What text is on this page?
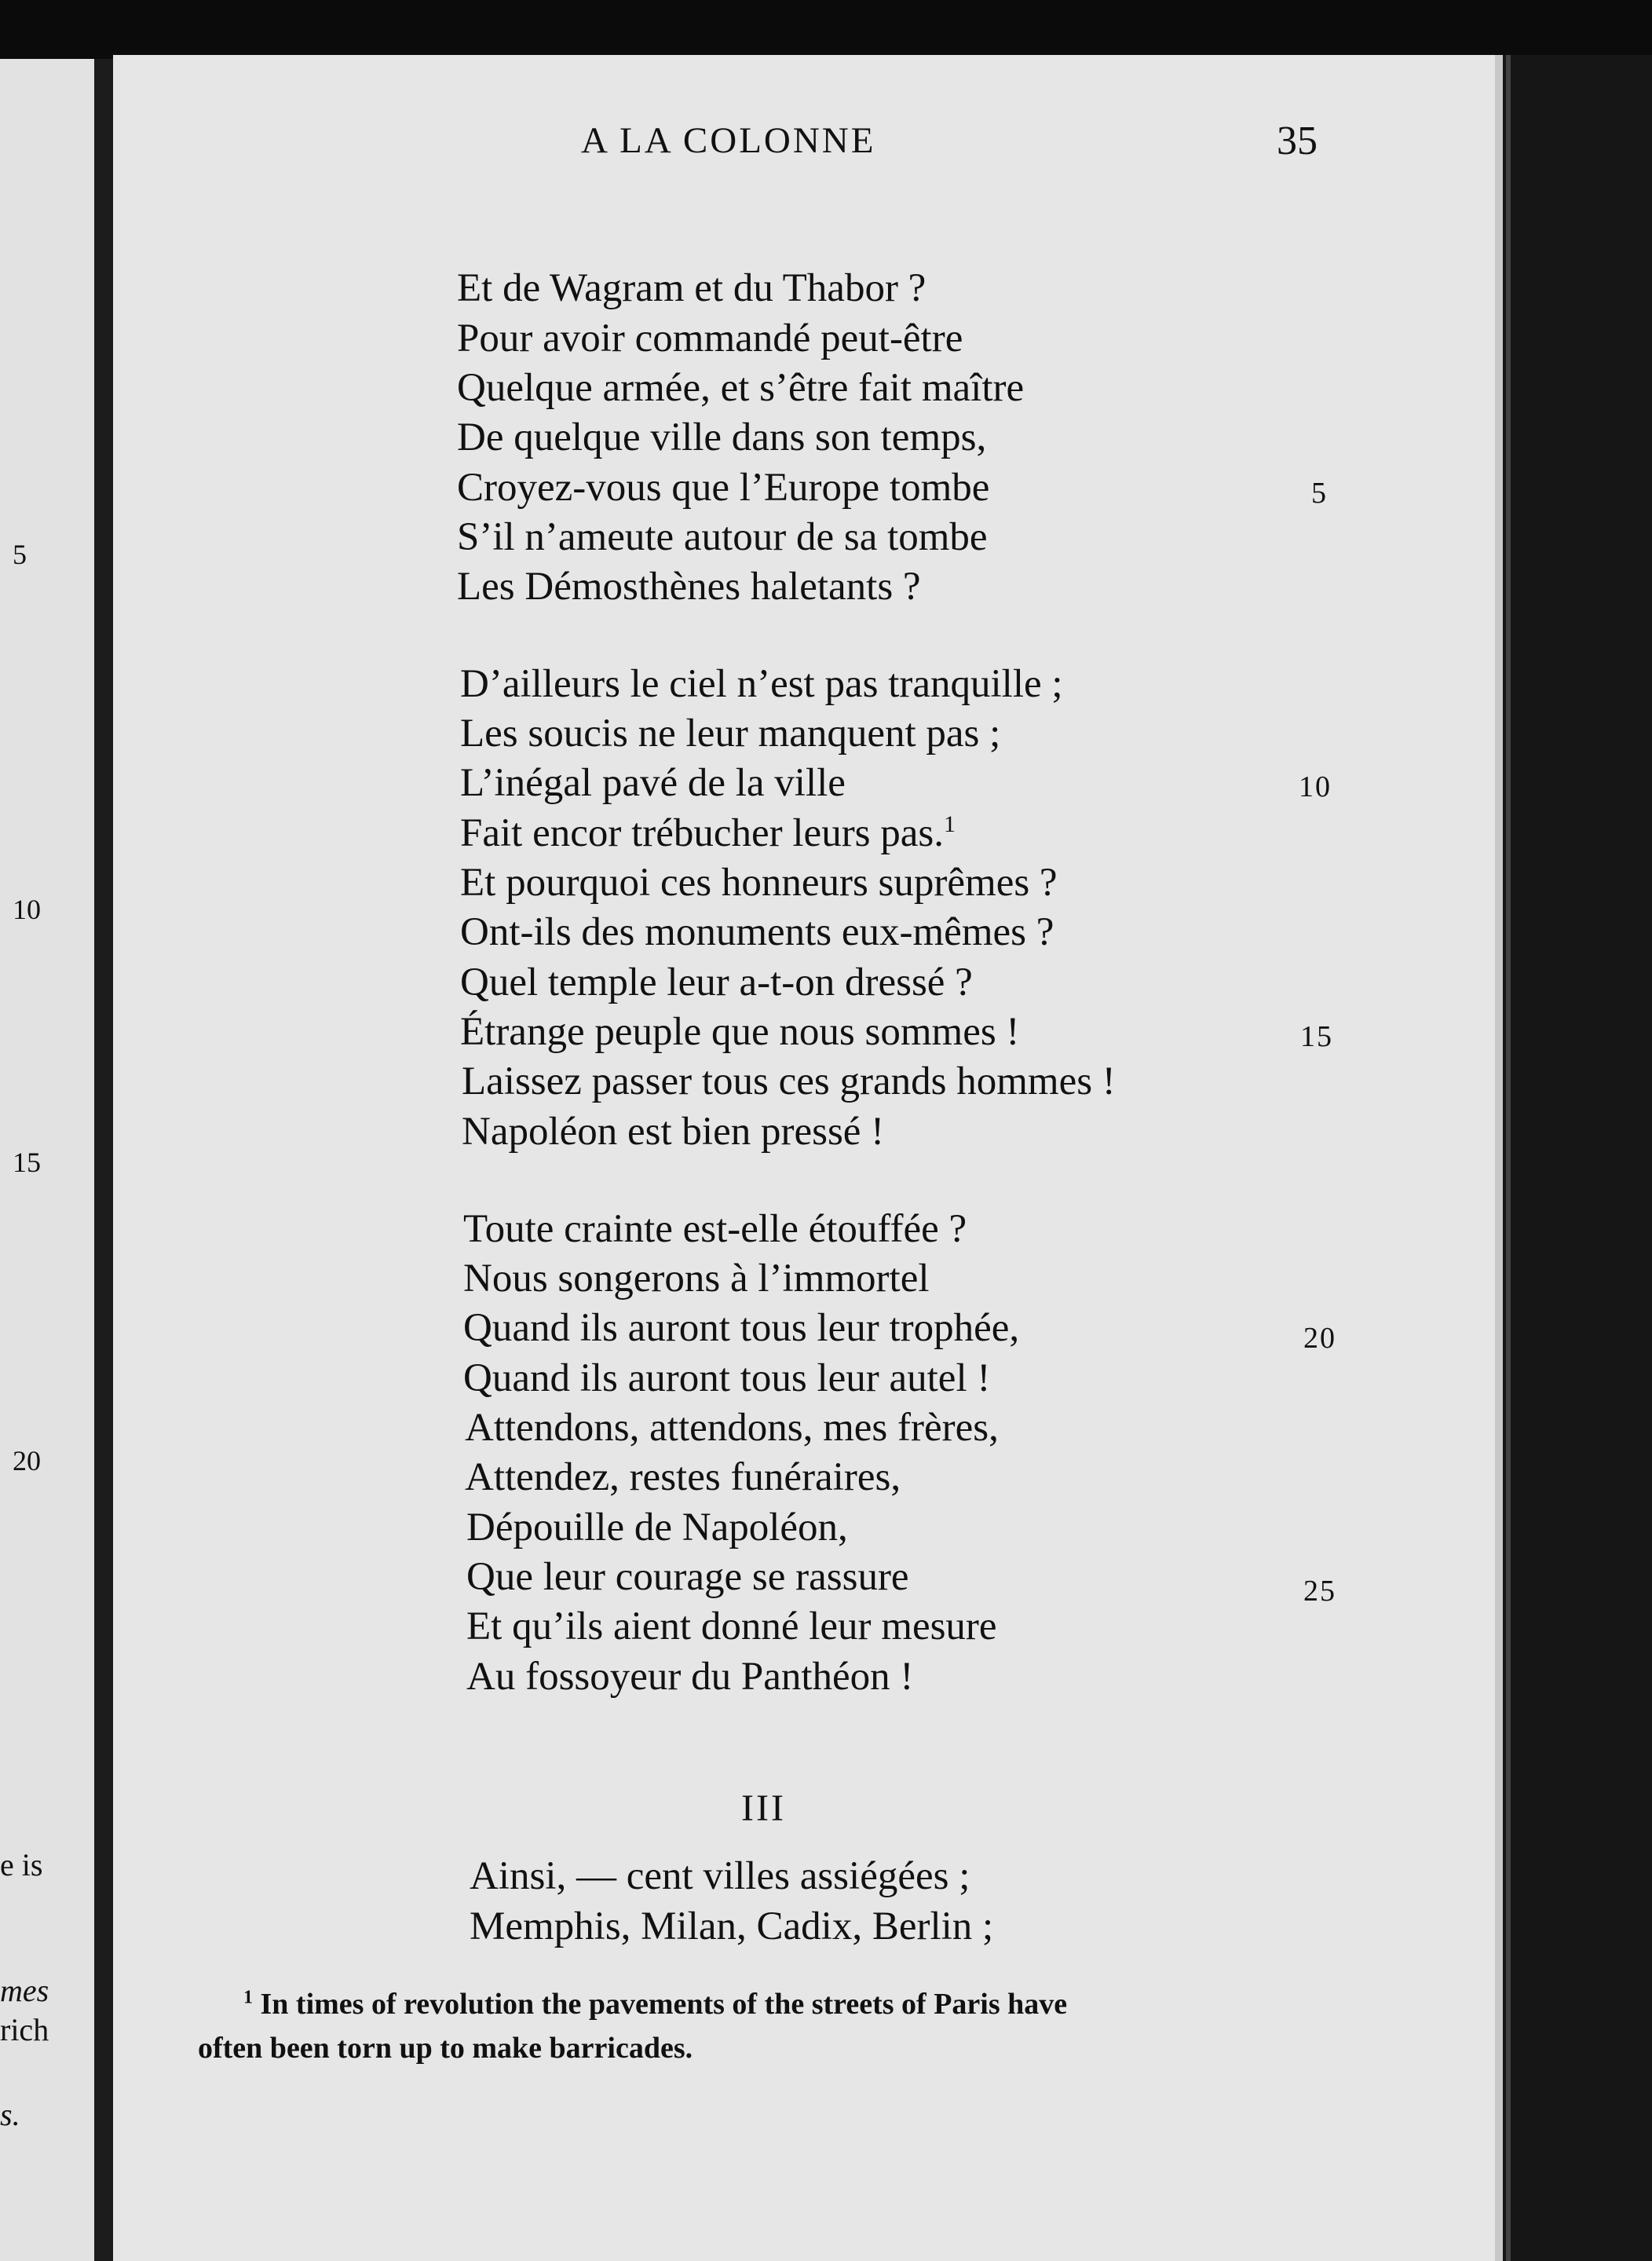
5
10
15
20
e is
mes
rich
s.
A LA COLONNE	35
Et de Wagram et du Thabor ?
Pour avoir commandé peut-être
Quelque armée, et s’être fait maître
De quelque ville dans son temps,
Croyez-vous que l’Europe tombe	5
S’il n’ameute autour de sa tombe
Les Démosthènes haletants ?
D’ailleurs le ciel n’est pas tranquille ;
Les soucis ne leur manquent pas ;
L’inégal pavé de la ville	10
Fait encor trébucher leurs pas.$^1$
Et pourquoi ces honneurs suprêmes ?
Ont-ils des monuments eux-mêmes ?
Quel temple leur a-t-on dressé ?
Étrange peuple que nous sommes !	15
Laissez passer tous ces grands hommes !
Napoléon est bien pressé !
Toute crainte est-elle étouffée ?
Nous songerons à l’immortel
Quand ils auront tous leur trophée,	20
Quand ils auront tous leur autel !
Attendons, attendons, mes frères,
Attendez, restes funéraires,
Dépouille de Napoléon,
Que leur courage se rassure	25
Et qu’ils aient donné leur mesure
Au fossoyeur du Panthéon !
III
Ainsi, — cent villes assiégées ;
Memphis, Milan, Cadix, Berlin ;
$^1$ In times of revolution the pavements of the streets of Paris have
often been torn up to make barricades.
